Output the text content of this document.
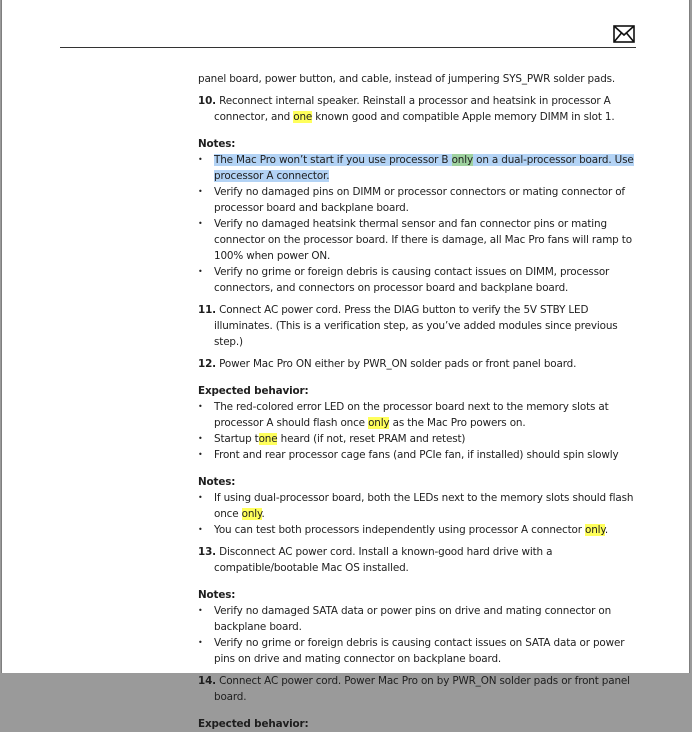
panel board, power button, and cable, instead of jumpering SYS_PWR solder pads.

10. Reconnect internal speaker. Reinstall a processor and heatsink in processor A connector, and one known good and compatible Apple memory DIMM in slot 1.

Notes:

• The Mac Pro won’t start if you use processor B only on a dual-processor board. Use processor A connector.
• Verify no damaged pins on DIMM or processor connectors or mating connector of processor board and backplane board.
• Verify no damaged heatsink thermal sensor and fan connector pins or mating connector on the processor board. If there is damage, all Mac Pro fans will ramp to 100% when power ON.
• Verify no grime or foreign debris is causing contact issues on DIMM, processor connectors, and connectors on processor board and backplane board.

11. Connect AC power cord. Press the DIAG button to verify the 5V STBY LED illuminates. (This is a verification step, as you’ve added modules since previous step.)

12. Power Mac Pro ON either by PWR_ON solder pads or front panel board.

Expected behavior:

• The red-colored error LED on the processor board next to the memory slots at processor A should flash once only as the Mac Pro powers on.
• Startup tone heard (if not, reset PRAM and retest)
• Front and rear processor cage fans (and PCIe fan, if installed) should spin slowly

Notes:

• If using dual-processor board, both the LEDs next to the memory slots should flash once only.
• You can test both processors independently using processor A connector only.

13. Disconnect AC power cord. Install a known-good hard drive with a compatible/bootable Mac OS installed.

Notes:

• Verify no damaged SATA data or power pins on drive and mating connector on backplane board.
• Verify no grime or foreign debris is causing contact issues on SATA data or power pins on drive and mating connector on backplane board.

14. Connect AC power cord. Power Mac Pro on by PWR_ON solder pads or front panel board.

Expected behavior:
